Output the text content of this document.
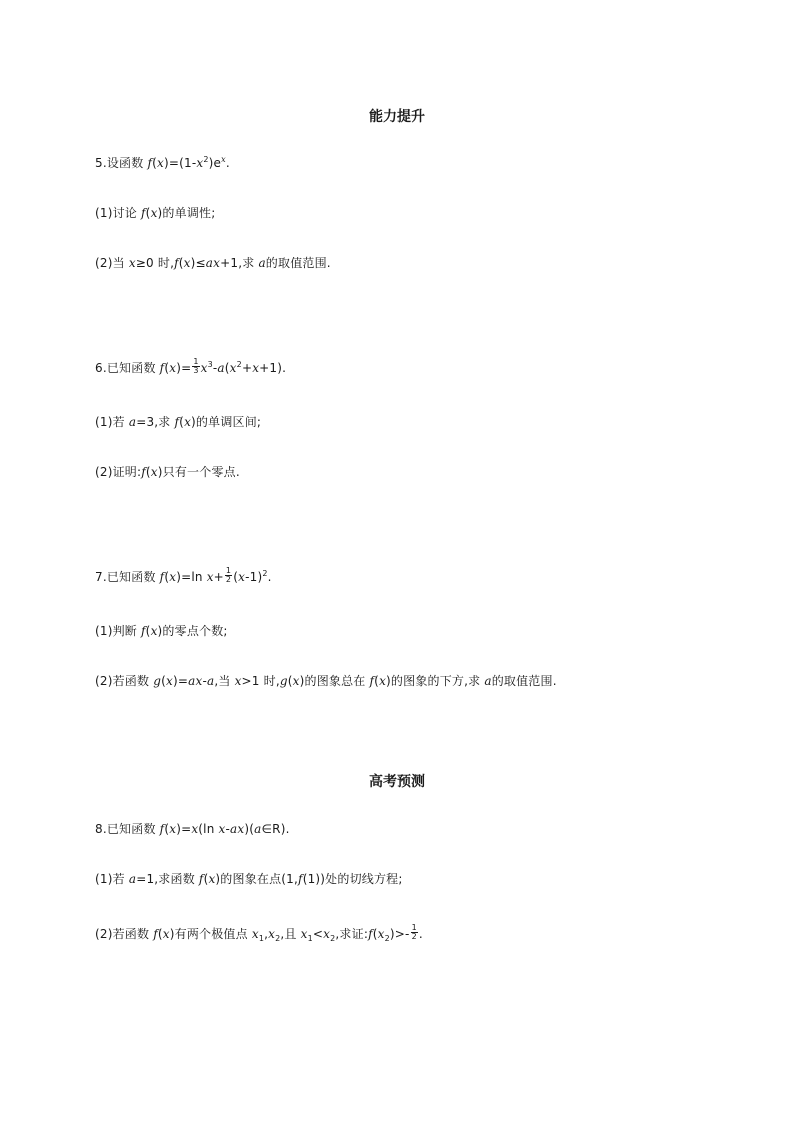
能力提升
5.设函数 $f(x)=(1-x^2)e^x$.
(1)讨论 f(x)的单调性;
(2)当 x≥0 时,f(x)≤ax+1,求 a的取值范围.
6.已知函数 $f(x)= \frac{1}{3} x^3-a(x^2+x+1)$.
(1)若 a=3,求 f(x)的单调区间;
(2)证明:f(x)只有一个零点.
7.已知函数 f(x)=ln $x+ \frac{1}{2} (x-1)^2$.
(1)判断 f(x)的零点个数;
(2)若函数 g(x)=ax-a,当 x>1 时,g(x)的图象总在 f(x)的图象的下方,求 a的取值范围.
高考预测
8.已知函数 f(x)=x(ln x-ax)(a∈R).
(1)若 a=1,求函数 f(x)的图象在点(1,f(1))处的切线方程;
(2)若函数 f(x)有两个极值点 $x_1,x_2$,且 $x_1<x_2$,求证$:f(x_2)>- \frac{1}{2}$ .
